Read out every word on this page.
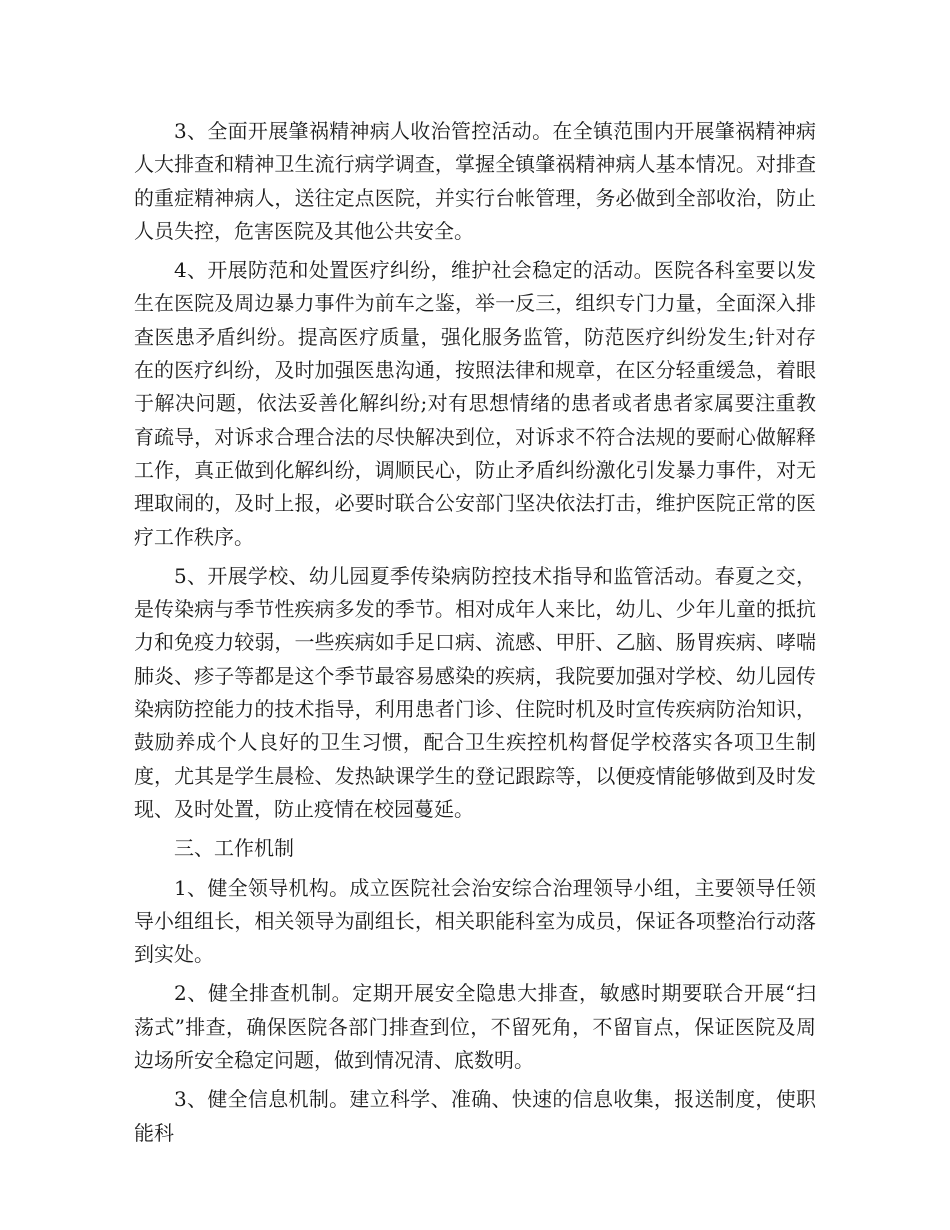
3、全面开展肇祸精神病人收治管控活动。在全镇范围内开展肇祸精神病人大排查和精神卫生流行病学调查，掌握全镇肇祸精神病人基本情况。对排查的重症精神病人，送往定点医院，并实行台帐管理，务必做到全部收治，防止人员失控，危害医院及其他公共安全。

4、开展防范和处置医疗纠纷，维护社会稳定的活动。医院各科室要以发生在医院及周边暴力事件为前车之鉴，举一反三，组织专门力量，全面深入排查医患矛盾纠纷。提高医疗质量，强化服务监管，防范医疗纠纷发生;针对存在的医疗纠纷，及时加强医患沟通，按照法律和规章，在区分轻重缓急，着眼于解决问题，依法妥善化解纠纷;对有思想情绪的患者或者患者家属要注重教育疏导，对诉求合理合法的尽快解决到位，对诉求不符合法规的要耐心做解释工作，真正做到化解纠纷，调顺民心，防止矛盾纠纷激化引发暴力事件，对无理取闹的，及时上报，必要时联合公安部门坚决依法打击，维护医院正常的医疗工作秩序。

5、开展学校、幼儿园夏季传染病防控技术指导和监管活动。春夏之交，是传染病与季节性疾病多发的季节。相对成年人来比，幼儿、少年儿童的抵抗力和免疫力较弱，一些疾病如手足口病、流感、甲肝、乙脑、肠胃疾病、哮喘肺炎、疹子等都是这个季节最容易感染的疾病，我院要加强对学校、幼儿园传染病防控能力的技术指导，利用患者门诊、住院时机及时宣传疾病防治知识，鼓励养成个人良好的卫生习惯，配合卫生疾控机构督促学校落实各项卫生制度，尤其是学生晨检、发热缺课学生的登记跟踪等，以便疫情能够做到及时发现、及时处置，防止疫情在校园蔓延。

三、工作机制

1、健全领导机构。成立医院社会治安综合治理领导小组，主要领导任领导小组组长，相关领导为副组长，相关职能科室为成员，保证各项整治行动落到实处。

2、健全排查机制。定期开展安全隐患大排查，敏感时期要联合开展“扫荡式”排查，确保医院各部门排查到位，不留死角，不留盲点，保证医院及周边场所安全稳定问题，做到情况清、底数明。

3、健全信息机制。建立科学、准确、快速的信息收集，报送制度，使职能科
